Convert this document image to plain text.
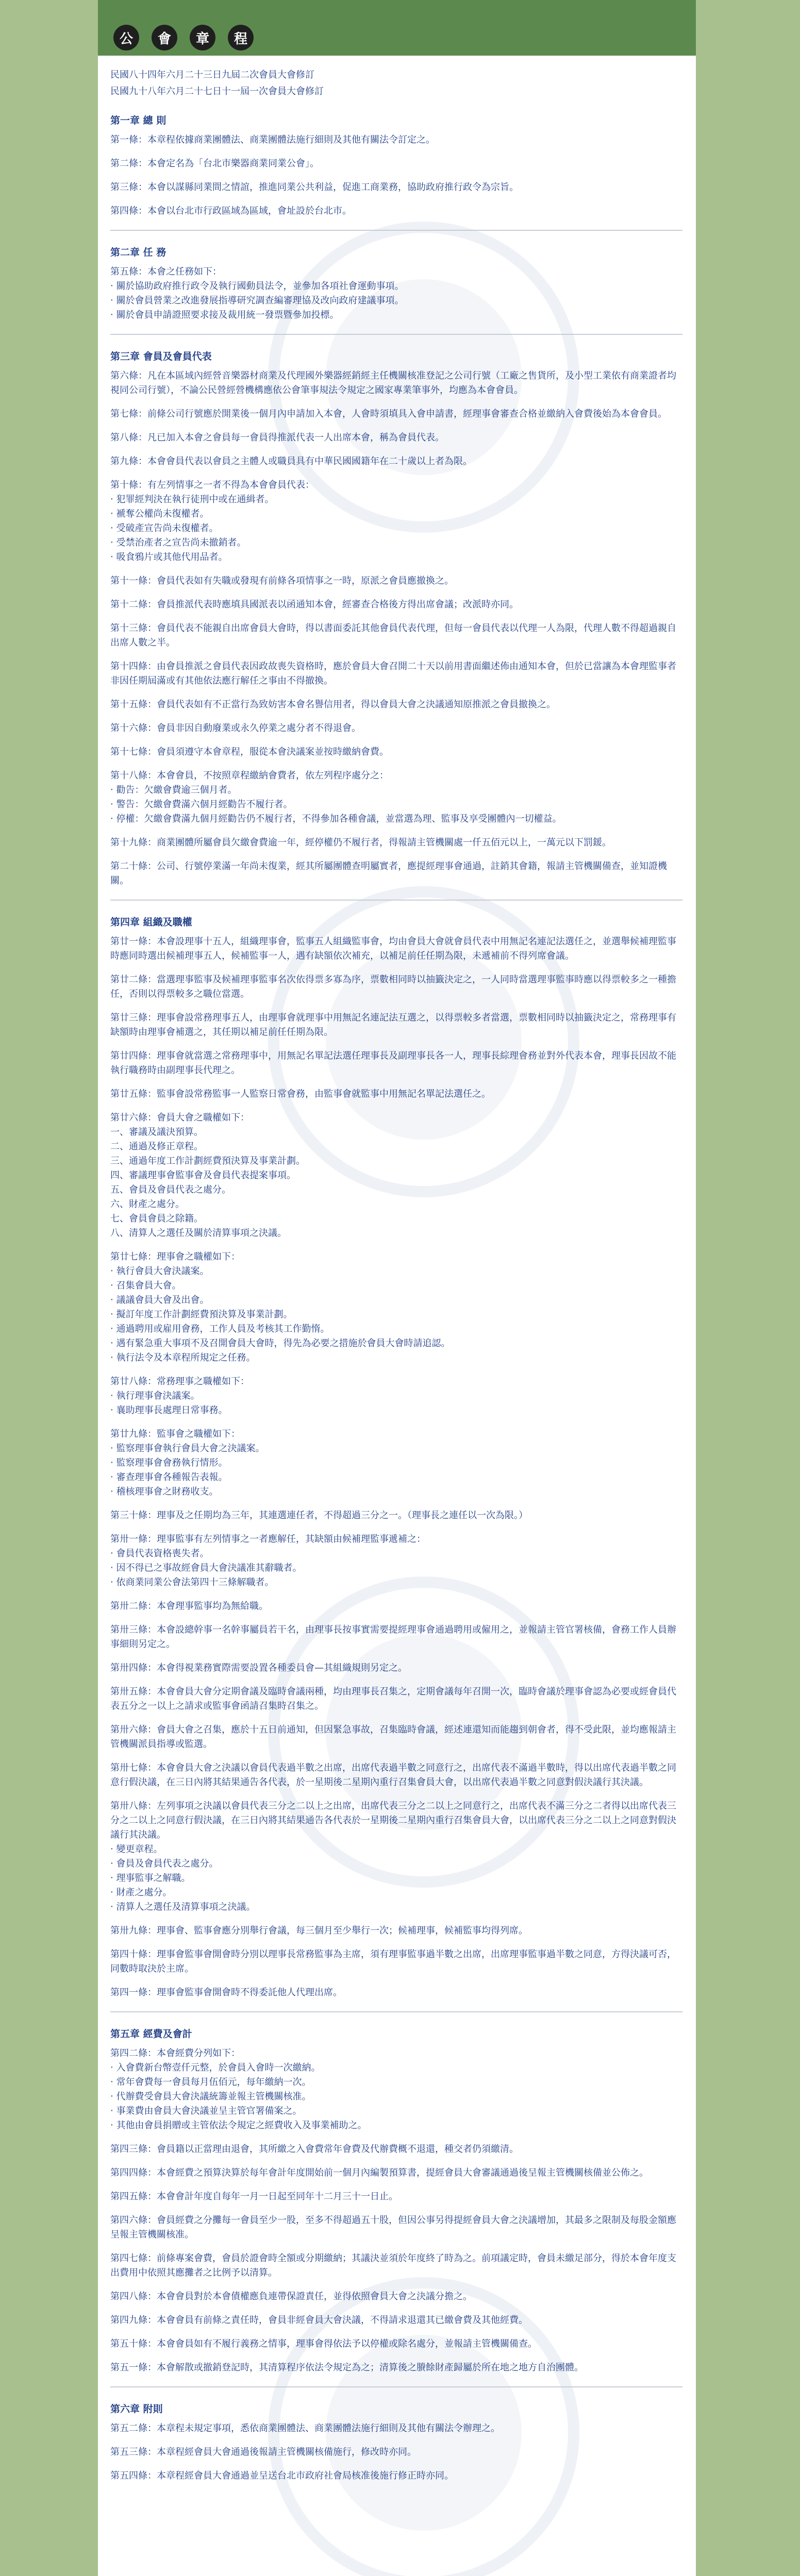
公	會	章	程
民國八十四年六月二十三日九屆二次會員大會修訂
民國九十八年六月二十七日十一屆一次會員大會修訂
第一章 總 則

第一條：本章程依據商業團體法、商業團體法施行細則及其他有關法令訂定之。

第二條：本會定名為「台北市樂器商業同業公會」。

第三條：本會以謀縣同業間之情誼，推進同業公共利益，促進工商業務，協助政府推行政令為宗旨。

第四條：本會以台北市行政區域為區域，會址設於台北市。

第二章 任 務

第五條：本會之任務如下：

‧ 關於協助政府推行政令及執行國動員法令，並參加各項社會運動事項。

‧ 關於會員營業之改進發展指導研究調查編審理協及改向政府建議事項。

‧ 關於會員申請證照要求接及裁用統一發票暨參加投標。

第三章 會員及會員代表

第六條：凡在本區域內經營音樂器材商業及代理國外樂器經銷經主任機關核准登記之公司行號（工廠之售貨所，及小型工業依有商業證者均視同公司行號），不論公民營經營機構應依公會筆事規法令規定之國家專業筆事外，均應為本會會員。

第七條：前條公司行號應於開業後一個月內申請加入本會，人會時須填具入會申請書，經理事會審查合格並繳納入會費後始為本會會員。

第八條：凡已加入本會之會員每一會員得推派代表一人出席本會，稱為會員代表。

第九條：本會會員代表以會員之主體人或職員具有中華民國國籍年在二十歲以上者為限。

第十條：有左列情事之一者不得為本會會員代表：

‧ 犯罪經判決在執行徒刑中或在通緝者。

‧ 褫奪公權尚未復權者。

‧ 受破產宣告尚未復權者。

‧ 受禁治產者之宣告尚未撤銷者。

‧ 吸食鴉片或其他代用品者。

第十一條：會員代表如有失職或發現有前條各項情事之一時，原派之會員應撤換之。

第十二條：會員推派代表時應填具國派表以函通知本會，經審查合格後方得出席會議；改派時亦同。

第十三條：會員代表不能親自出席會員大會時，得以書面委託其他會員代表代理，但每一會員代表以代理一人為限，代理人數不得超過親自出席人數之半。

第十四條：由會員推派之會員代表因政故喪失資格時，應於會員大會召開二十天以前用書面繼述佈由通知本會，但於已當讓為本會理監事者非因任期屆滿或有其他依法應行解任之事由不得撤換。

第十五條：會員代表如有不正當行為致妨害本會名譽信用者，得以會員大會之決議通知原推派之會員撤換之。

第十六條：會員非因自動廢業或永久停業之處分者不得退會。

第十七條：會員須遵守本會章程，服從本會決議案並按時繳納會費。

第十八條：本會會員，不按照章程繳納會費者，依左列程序處分之：

‧ 勸告：欠繳會費逾三個月者。

‧ 警告：欠繳會費滿六個月經勸告不履行者。

‧ 停權：欠繳會費滿九個月經勸告仍不履行者，不得參加各種會議，並當選為理、監事及享受團體內一切權益。

第十九條：商業團體所屬會員欠繳會費逾一年，經停權仍不履行者，得報請主管機關處一仟五佰元以上，一萬元以下罰鍰。

第二十條：公司、行號停業滿一年尚未復業，經其所屬團體查明屬實者，應提經理事會通過，註銷其會籍，報請主管機關備查，並知證機關。

第四章 組織及職權

第廿一條：本會設理事十五人，組織理事會，監事五人組織監事會，均由會員大會就會員代表中用無記名連記法選任之，並選舉候補理監事時應同時選出候補理事五人，候補監事一人，遇有缺額依次補充，以補足前任任期為限，未遞補前不得列席會議。

第廿二條：當選理事監事及候補理事監事名次依得票多寡為序，票數相同時以抽籤決定之，一人同時當選理事監事時應以得票較多之一種擔任，否則以得票較多之職位當選。

第廿三條：理事會設常務理事五人，由理事會就理事中用無記名連記法互選之，以得票較多者當選，票數相同時以抽籤決定之，常務理事有缺額時由理事會補選之，其任期以補足前任任期為限。

第廿四條：理事會就當選之常務理事中，用無記名單記法選任理事長及副理事長各一人，理事長綜理會務並對外代表本會，理事長因故不能執行職務時由副理事長代理之。

第廿五條：監事會設常務監事一人監察日常會務，由監事會就監事中用無記名單記法選任之。

第廿六條：會員大會之職權如下：

一、審議及議決預算。

二、通過及修正章程。

三、通過年度工作計劃經費預決算及事業計劃。

四、審議理事會監事會及會員代表提案事項。

五、會員及會員代表之處分。

六、財產之處分。

七、會員會員之除籍。

八、清算人之選任及關於清算事項之決議。

第廿七條：理事會之職權如下：

‧ 執行會員大會決議案。

‧ 召集會員大會。

‧ 議議會員大會及出會。

‧ 擬訂年度工作計劃經費預決算及事業計劃。

‧ 通過聘用或雇用會務，工作人員及考核其工作勤惰。

‧ 遇有緊急重大事項不及召開會員大會時，得先為必要之措施於會員大會時請追認。

‧ 執行法令及本章程所規定之任務。

第廿八條：常務理事之職權如下：

‧ 執行理事會決議案。

‧ 襄助理事長處理日常事務。

第廿九條：監事會之職權如下：

‧ 監察理事會執行會員大會之決議案。

‧ 監察理事會會務執行情形。

‧ 審查理事會各種報告表報。

‧ 稽核理事會之財務收支。

第三十條：理事及之任期均為三年，其連選連任者，不得超過三分之一。（理事長之連任以一次為限。）

第卅一條：理事監事有左列情事之一者應解任，其缺額由候補理監事遞補之：

‧ 會員代表資格喪失者。

‧ 因不得已之事故經會員大會決議准其辭職者。

‧ 依商業同業公會法第四十三條解職者。

第卅二條：本會理事監事均為無給職。

第卅三條：本會設總幹事一名幹事屬員若干名，由理事長按事實需要提經理事會通過聘用或僱用之，並報請主管官署核備，會務工作人員辦事細則另定之。

第卅四條：本會得視業務實際需要設置各種委員會—其組織規則另定之。

第卅五條：本會會員大會分定期會議及臨時會議兩種，均由理事長召集之，定期會議每年召開一次，臨時會議於理事會認為必要或經會員代表五分之一以上之請求或監事會函請召集時召集之。

第卅六條：會員大會之召集，應於十五日前通知，但因緊急事故，召集臨時會議，經述連還知而能趨到朝會者，得不受此限，並均應報請主管機關派員指導或監選。

第卅七條：本會會員大會之決議以會員代表過半數之出席，出席代表過半數之同意行之，出席代表不滿過半數時，得以出席代表過半數之同意行假決議，在三日內將其結果通告各代表，於一星期後二星期內重行召集會員大會，以出席代表過半數之同意對假決議行其決議。

第卅八條：左列事項之決議以會員代表三分之二以上之出席，出席代表三分之二以上之同意行之，出席代表不滿三分之二者得以出席代表三分之二以上之同意行假決議，在三日內將其結果通告各代表於一星期後二星期內重行召集會員大會，以出席代表三分之二以上之同意對假決議行其決議。

‧ 變更章程。

‧ 會員及會員代表之處分。

‧ 理事監事之解職。

‧ 財產之處分。

‧ 清算人之選任及清算事項之決議。

第卅九條：理事會、監事會應分別舉行會議，每三個月至少舉行一次；候補理事，候補監事均得列席。

第四十條：理事會監事會開會時分別以理事長常務監事為主席，須有理事監事過半數之出席，出席理事監事過半數之同意，方得決議可否，同數時取決於主席。

第四一條：理事會監事會開會時不得委託他人代理出席。

第五章 經費及會計

第四二條：本會經費分列如下：

‧ 入會費新台幣壹仟元整，於會員入會時一次繳納。

‧ 常年會費每一會員每月伍佰元，每年繳納一次。

‧ 代辦費受會員大會決議統籌並報主管機關核准。

‧ 事業費由會員大會決議並呈主管官署備案之。

‧ 其他由會員捐贈或主管依法令規定之經費收入及事業補助之。

第四三條：會員籍以正當理由退會，其所繳之入會費常年會費及代辦費概不退還，種交者仍須繳清。

第四四條：本會經費之預算決算於每年會計年度開始前一個月內編製預算書，提經會員大會審議通過後呈報主管機關核備並公佈之。

第四五條：本會會計年度自每年一月一日起至同年十二月三十一日止。

第四六條：會員經費之分攤每一會員至少一股，至多不得超過五十股，但因公事另得提經會員大會之決議增加，其最多之限制及每股金額應呈報主管機關核准。

第四七條：前條專案會費，會員於證會時全額或分期繳納；其議決並須於年度終了時為之。前項議定時，會員未繳足部分，得於本會年度支出費用中依照其應攤者之比例予以清算。

第四八條：本會會員對於本會債權應負連帶保證責任，並得依照會員大會之決議分擔之。

第四九條：本會會員有前條之責任時，會員非經會員大會決議，不得請求退還其已繳會費及其他經費。

第五十條：本會會員如有不履行義務之情事，理事會得依法予以停權或除名處分，並報請主管機關備查。

第五一條：本會解散或撤銷登記時，其清算程序依法令規定為之；清算後之賸餘財產歸屬於所在地之地方自治團體。

第六章 附則

第五二條：本章程未規定事項，悉依商業團體法、商業團體法施行細則及其他有關法令辦理之。

第五三條：本章程經會員大會通過後報請主管機關核備施行，修改時亦同。

第五四條：本章程經會員大會通過並呈送台北市政府社會局核准後施行修正時亦同。
